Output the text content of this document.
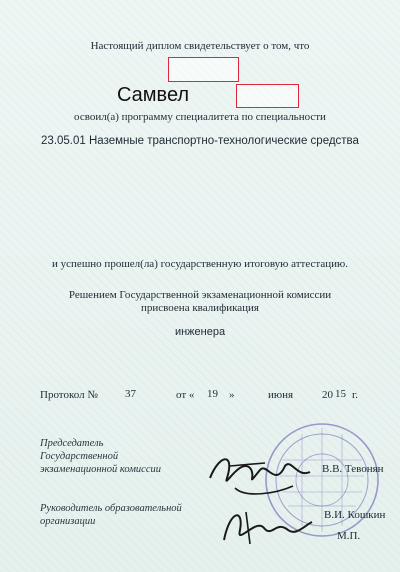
Настоящий диплом свидетельствует о том, что
Самвел
освоил(а) программу специалитета по специальности
23.05.01 Наземные транспортно-технологические средства
и успешно прошел(ла) государственную итоговую аттестацию.
Решением Государственной экзаменационной комиссии
присвоена квалификация
инженера
Протокол № 37	от « 19 »	июня	20 15 г.
Председатель
Государственной
экзаменационной комиссии	В.В. Тевонян
Руководитель образовательной
организации
В.И. Кошкин
М.П.
